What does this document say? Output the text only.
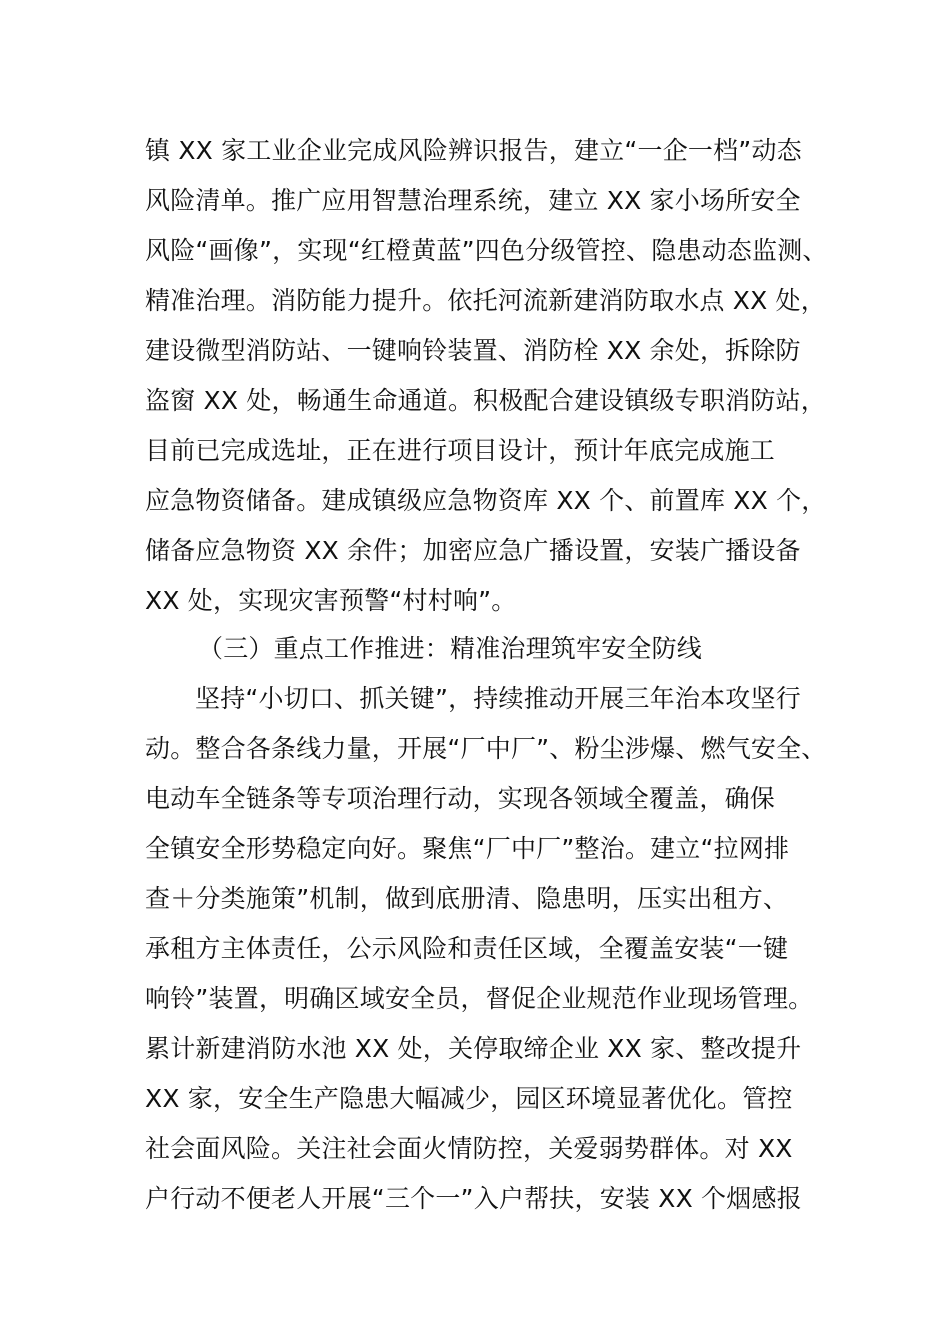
镇 XX 家工业企业完成风险辨识报告，建立“一企一档”动态
风险清单。推广应用智慧治理系统，建立 XX 家小场所安全
风险“画像”，实现“红橙黄蓝”四色分级管控、隐患动态监测、
精准治理。消防能力提升。依托河流新建消防取水点 XX 处，
建设微型消防站、一键响铃装置、消防栓 XX 余处，拆除防
盗窗 XX 处，畅通生命通道。积极配合建设镇级专职消防站，
目前已完成选址，正在进行项目设计，预计年底完成施工
应急物资储备。建成镇级应急物资库 XX 个、前置库 XX 个，
储备应急物资 XX 余件；加密应急广播设置，安装广播设备
XX 处，实现灾害预警“村村响”。
（三）重点工作推进：精准治理筑牢安全防线
坚持“小切口、抓关键”，持续推动开展三年治本攻坚行
动。整合各条线力量，开展“厂中厂”、粉尘涉爆、燃气安全、
电动车全链条等专项治理行动，实现各领域全覆盖，确保
全镇安全形势稳定向好。聚焦“厂中厂”整治。建立“拉网排
查＋分类施策”机制，做到底册清、隐患明，压实出租方、
承租方主体责任，公示风险和责任区域，全覆盖安装“一键
响铃”装置，明确区域安全员，督促企业规范作业现场管理。
累计新建消防水池 XX 处，关停取缔企业 XX 家、整改提升
XX 家，安全生产隐患大幅减少，园区环境显著优化。管控
社会面风险。关注社会面火情防控，关爱弱势群体。对 XX
户行动不便老人开展“三个一”入户帮扶，安装 XX 个烟感报
